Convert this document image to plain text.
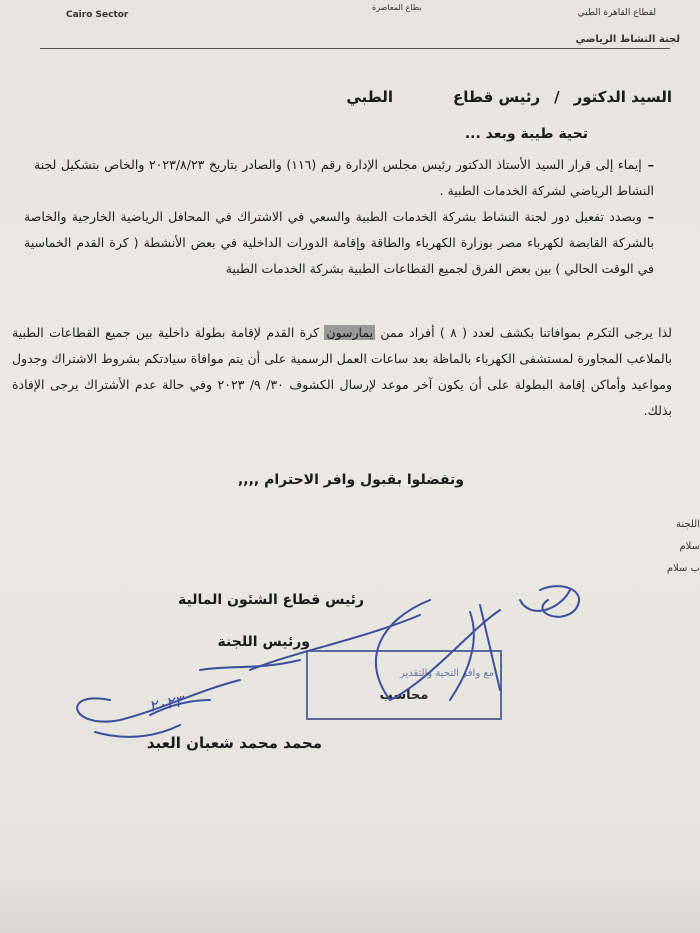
Cairo Sector
بطاع المعاصرة
لقطاع القاهرة الطبي
لجنة النشاط الرياضي
السيد الدكتور/رئيس قطاعالطبي
تحية طيبة وبعد ...
–إيماء إلى قرار السيد الأستاذ الدكتور رئيس مجلس الإدارة رقم (١١٦) والصادر بتاريخ ٢٠٢٣/٨/٢٣ والخاص بتشكيل لجنة النشاط الرياضي لشركة الخدمات الطبية .
–وبصدد تفعيل دور لجنة النشاط بشركة الخدمات الطبية والسعي في الاشتراك في المحافل الرياضية الخارجية والخاصة بالشركة القابضة لكهرباء مصر بوزارة الكهرباء والطاقة وإقامة الدورات الداخلية في بعض الأنشطة ( كرة القدم الخماسية في الوقت الحالي ) بين بعض الفرق لجميع القطاعات الطبية بشركة الخدمات الطبية
لذا يرجى التكرم بموافاتنا بكشف لعدد ( ٨ ) أفراد ممن يمارسون كرة القدم لإقامة بطولة داخلية بين جميع القطاعات الطبية بالملاعب المجاورة لمستشفى الكهرباء بالماظة بعد ساعات العمل الرسمية على أن يتم موافاة سيادتكم بشروط الاشتراك وجدول ومواعيد وأماكن إقامة البطولة على أن يكون آخر موعد لإرسال الكشوف ٣٠/ ٩/ ٢٠٢٣ وفي حالة عدم الأشتراك يرجى الإفادة بذلك.
وتفضلوا بقبول وافر الاحترام ,,,,
اللجنة
سلام
ب سلام
رئيس قطاع الشئون المالية
ورئيس اللجنة
مع وافر التحية والتقدير
محاسب
محمد محمد شعبان العبد
٢٠٢٣
